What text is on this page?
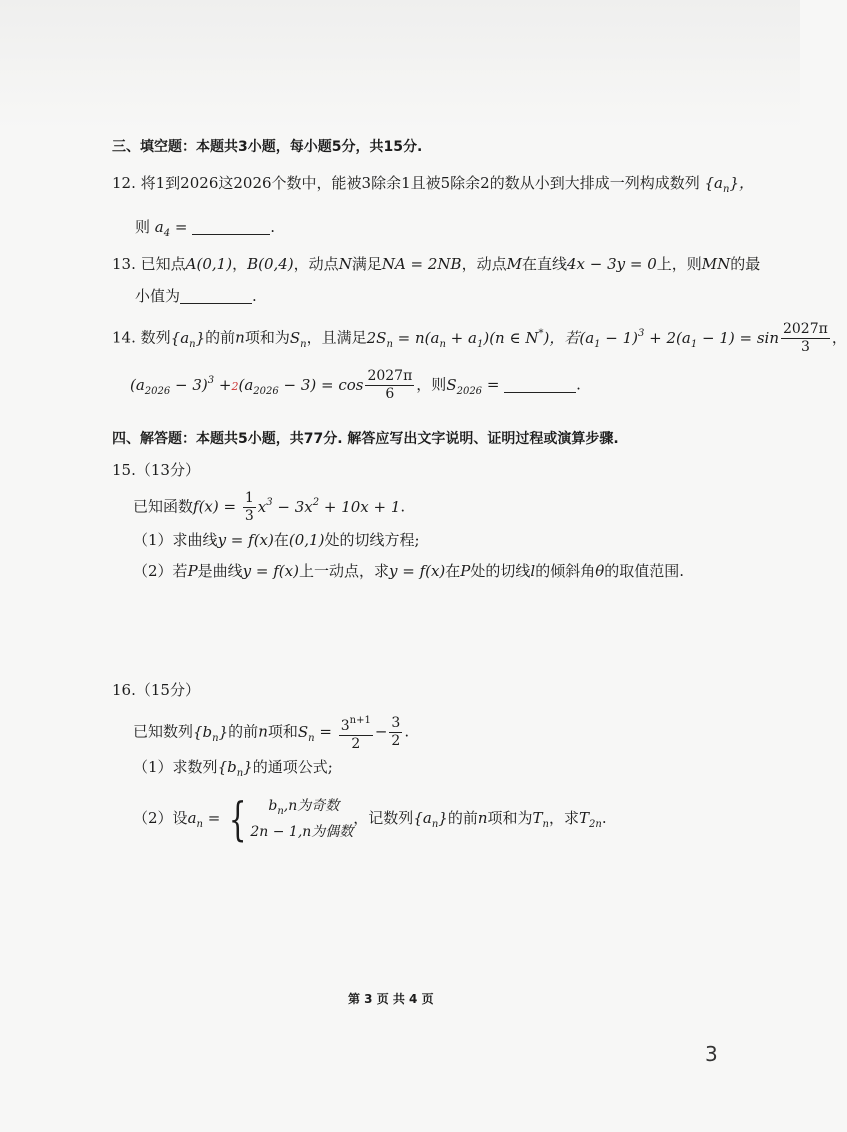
三、填空题：本题共3小题，每小题5分，共15分.
12. 将1到2026这2026个数中，能被3除余1且被5除余2的数从小到大排成一列构成数列 $\{a_n\}$，
则 $a_4$ =	.
13. 已知点A(0,1)，B(0,4)，动点N满足NA = 2NB，动点M在直线4x − 3y = 0上，则MN的最
小值为	.
14. 数列$\{a_n\}$的前n项和为$S_n$，且满足$2S_n = n(a_n + a_1)(n$ ∈ N*)，若$(a_1 - 1)^3 + 2(a_1 - 1) = \sin \frac{2027\pi}{3}$ ，
$(a_{2026} - 3)^3 +2(a_{2026} - 3) = \cos \frac{2027\pi}{6}$ ，则$S_{2026}$ =	.
四、解答题：本题共5小题，共77分. 解答应写出文字说明、证明过程或演算步骤.
15.（13分）
已知函数$f(x) = \frac{1}{3} x^3 - 3x^2 + 10x + 1$.
（1）求曲线y = f(x)在(0,1)处的切线方程;
（2）若P是曲线y = f(x)上一动点，求y = f(x)在P处的切线l的倾斜角θ的取值范围.
16.（15分）
已知数列$\{b_n\}$的前n项和$S_n = \frac{3^{n+1}}{2} - \frac{3}{2}$ .
（1）求数列$\{b_n\}$的通项公式;
（2）设$a_n$ = {	$b_n,n$为奇数
2n − 1,n为偶数
，记数列$\{a_n\}$的前n项和为$T_n$，求$T_{2n}$.
第 3 页 共 4 页
3
